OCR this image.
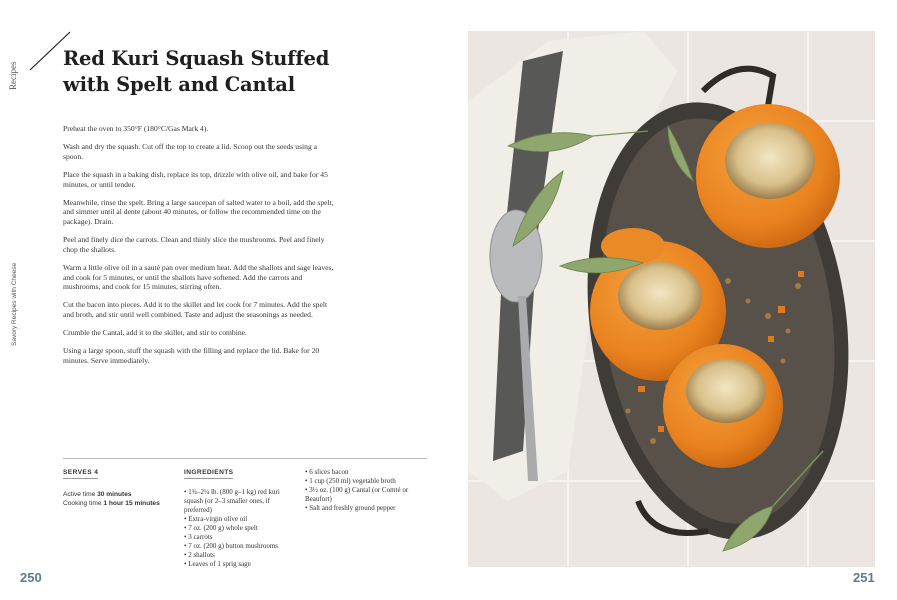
Recipes
Savory Recipes with Cheese
Red Kuri Squash Stuffed
with Spelt and Cantal

Preheat the oven to 350°F (180°C/Gas Mark 4).

Wash and dry the squash. Cut off the top to create a lid. Scoop out the seeds using a spoon.

Place the squash in a baking dish, replace its top, drizzle with olive oil, and bake for 45 minutes, or until tender.

Meanwhile, rinse the spelt. Bring a large saucepan of salted water to a boil, add the spelt, and simmer until al dente (about 40 minutes, or follow the recommended time on the package). Drain.

Peel and finely dice the carrots. Clean and thinly slice the mushrooms. Peel and finely chop the shallots.

Warm a little olive oil in a sauté pan over medium heat. Add the shallots and sage leaves, and cook for 5 minutes, or until the shallots have softened. Add the carrots and mushrooms, and cook for 15 minutes, stirring often.

Cut the bacon into pieces. Add it to the skillet and let cook for 7 minutes. Add the spelt and broth, and stir until well combined. Taste and adjust the seasonings as needed.

Crumble the Cantal, add it to the skillet, and stir to combine.

Using a large spoon, stuff the squash with the filling and replace the lid. Bake for 20 minutes. Serve immediately.

SERVES 4
Active time 30 minutes
Cooking time 1 hour 15 minutes
INGREDIENTS
• 1¾–2¼ lb. (800 g–1 kg) red kuri squash (or 2–3 smaller ones, if preferred)
• Extra-virgin olive oil
• 7 oz. (200 g) whole spelt
• 3 carrots
• 7 oz. (200 g) button mushrooms
• 2 shallots
• Leaves of 1 sprig sage
• 6 slices bacon
• 1 cup (250 ml) vegetable broth
• 3½ oz. (100 g) Cantal (or Comté or Beaufort)
• Salt and freshly ground pepper
250	251
